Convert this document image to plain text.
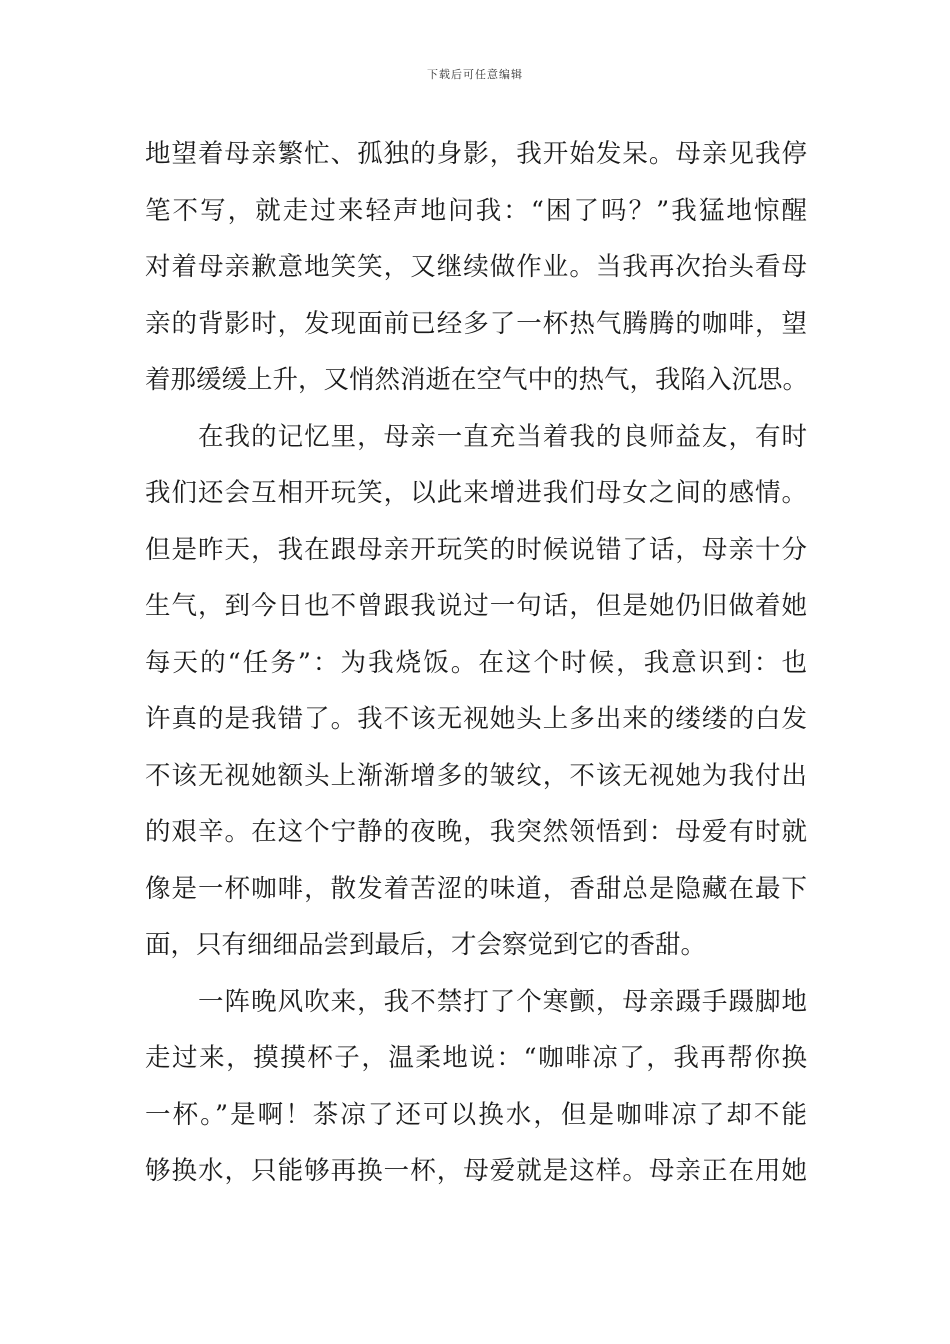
下载后可任意编辑
地望着母亲繁忙、孤独的身影，我开始发呆。母亲见我停
笔不写，就走过来轻声地问我：“困了吗？”我猛地惊醒
对着母亲歉意地笑笑，又继续做作业。当我再次抬头看母
亲的背影时，发现面前已经多了一杯热气腾腾的咖啡，望
着那缓缓上升，又悄然消逝在空气中的热气，我陷入沉思。
　　在我的记忆里，母亲一直充当着我的良师益友，有时
我们还会互相开玩笑，以此来增进我们母女之间的感情。
但是昨天，我在跟母亲开玩笑的时候说错了话，母亲十分
生气，到今日也不曾跟我说过一句话，但是她仍旧做着她
每天的“任务”：为我烧饭。在这个时候，我意识到：也
许真的是我错了。我不该无视她头上多出来的缕缕的白发
不该无视她额头上渐渐增多的皱纹，不该无视她为我付出
的艰辛。在这个宁静的夜晚，我突然领悟到：母爱有时就
像是一杯咖啡，散发着苦涩的味道，香甜总是隐藏在最下
面，只有细细品尝到最后，才会察觉到它的香甜。
　　一阵晚风吹来，我不禁打了个寒颤，母亲蹑手蹑脚地
走过来，摸摸杯子，温柔地说：“咖啡凉了，我再帮你换
一杯。”是啊！茶凉了还可以换水，但是咖啡凉了却不能
够换水，只能够再换一杯，母爱就是这样。母亲正在用她
